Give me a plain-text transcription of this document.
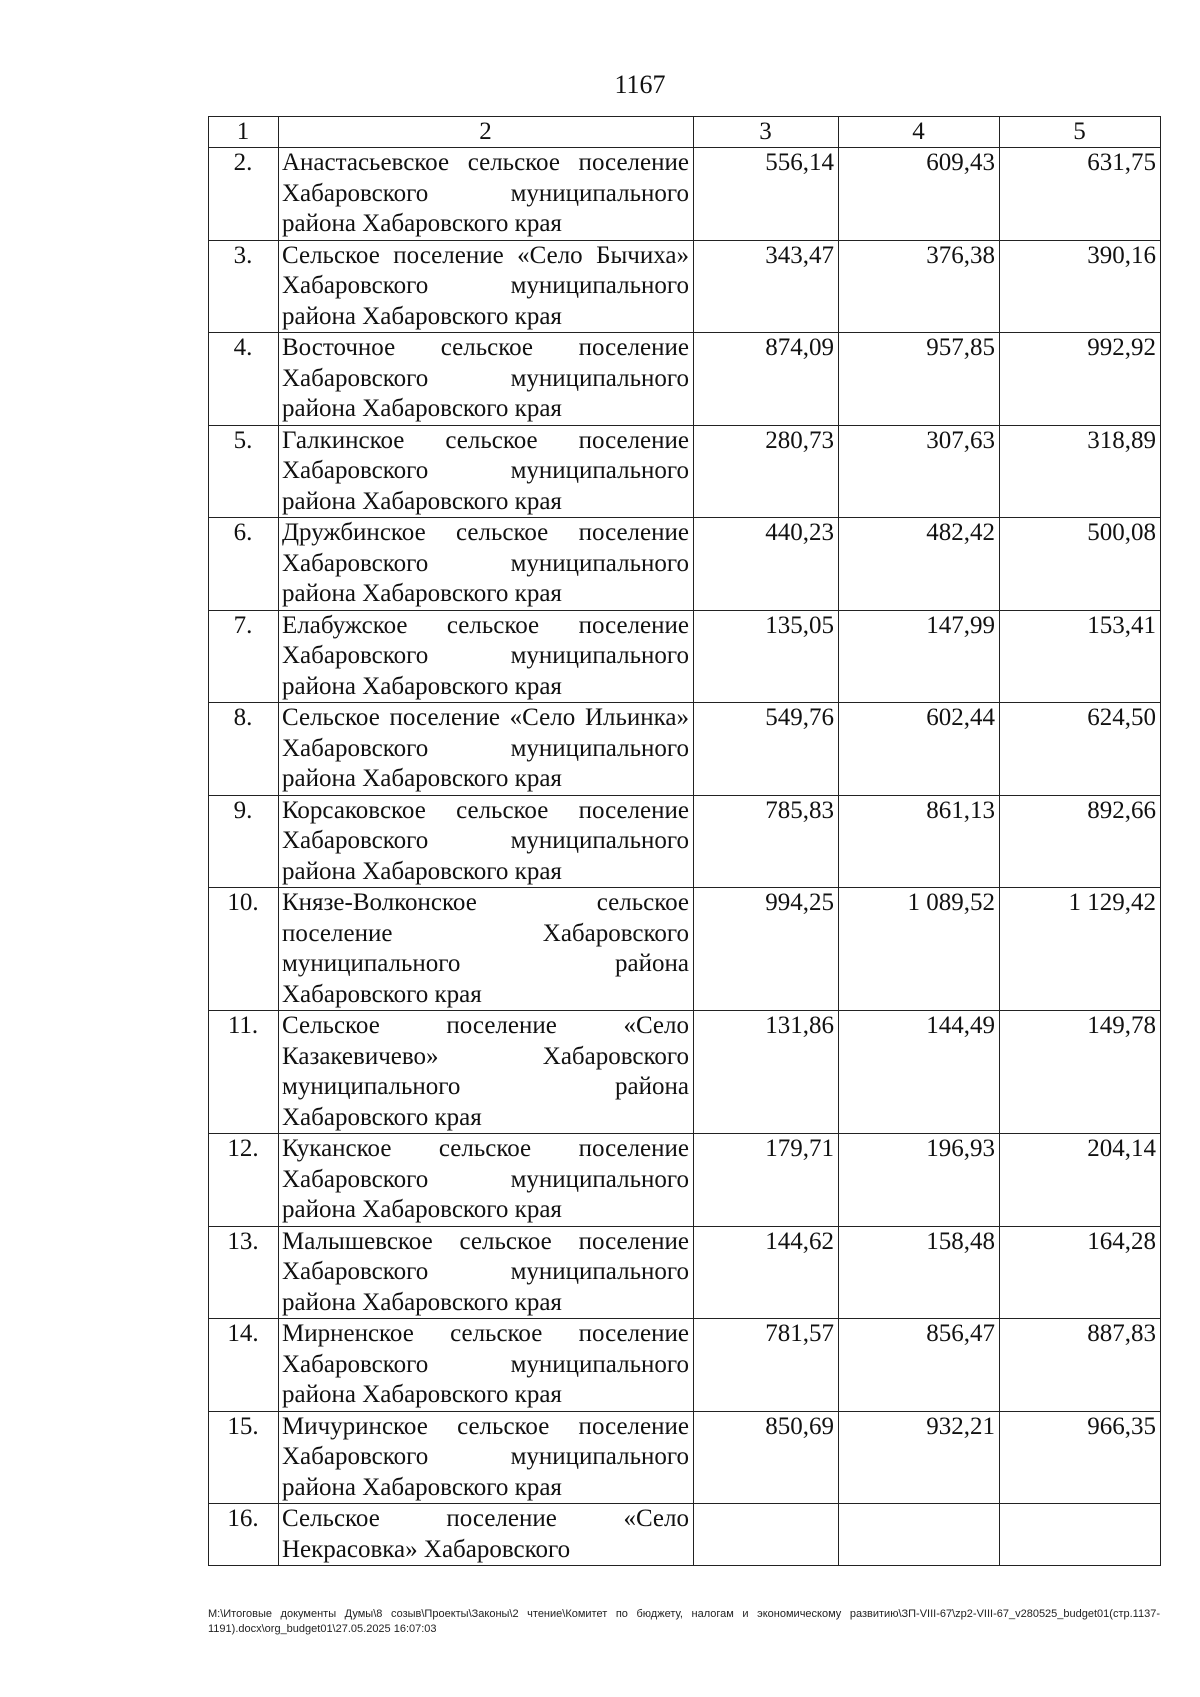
1167
1	2	3	4	5
2.	Анастасьевское сельское поселение Хабаровского муниципального района Хабаровского края	556,14	609,43	631,75
3.	Сельское поселение «Село Бычиха» Хабаровского муниципального района Хабаровского края	343,47	376,38	390,16
4.	Восточное сельское поселение Хабаровского муниципального района Хабаровского края	874,09	957,85	992,92
5.	Галкинское сельское поселение Хабаровского муниципального района Хабаровского края	280,73	307,63	318,89
6.	Дружбинское сельское поселение Хабаровского муниципального района Хабаровского края	440,23	482,42	500,08
7.	Елабужское сельское поселение Хабаровского муниципального района Хабаровского края	135,05	147,99	153,41
8.	Сельское поселение «Село Ильинка» Хабаровского муниципального района Хабаровского края	549,76	602,44	624,50
9.	Корсаковское сельское поселение Хабаровского муниципального района Хабаровского края	785,83	861,13	892,66
10.	Князе-Волконское сельское поселение Хабаровского муниципального района Хабаровского края	994,25	1 089,52	1 129,42
11.	Сельское поселение «Село Казакевичево» Хабаровского муниципального района Хабаровского края	131,86	144,49	149,78
12.	Куканское сельское поселение Хабаровского муниципального района Хабаровского края	179,71	196,93	204,14
13.	Малышевское сельское поселение Хабаровского муниципального района Хабаровского края	144,62	158,48	164,28
14.	Мирненское сельское поселение Хабаровского муниципального района Хабаровского края	781,57	856,47	887,83
15.	Мичуринское сельское поселение Хабаровского муниципального района Хабаровского края	850,69	932,21	966,35
16.	Сельское поселение «Село Некрасовка» Хабаровского			
M:\Итоговые документы Думы\8 созыв\Проекты\Законы\2 чтение\Комитет по бюджету, налогам и экономическому развитию\ЗП-VIII-67\zp2-VIII-67_v280525_budget01(стр.1137-1191).docx\org_budget01\27.05.2025 16:07:03
